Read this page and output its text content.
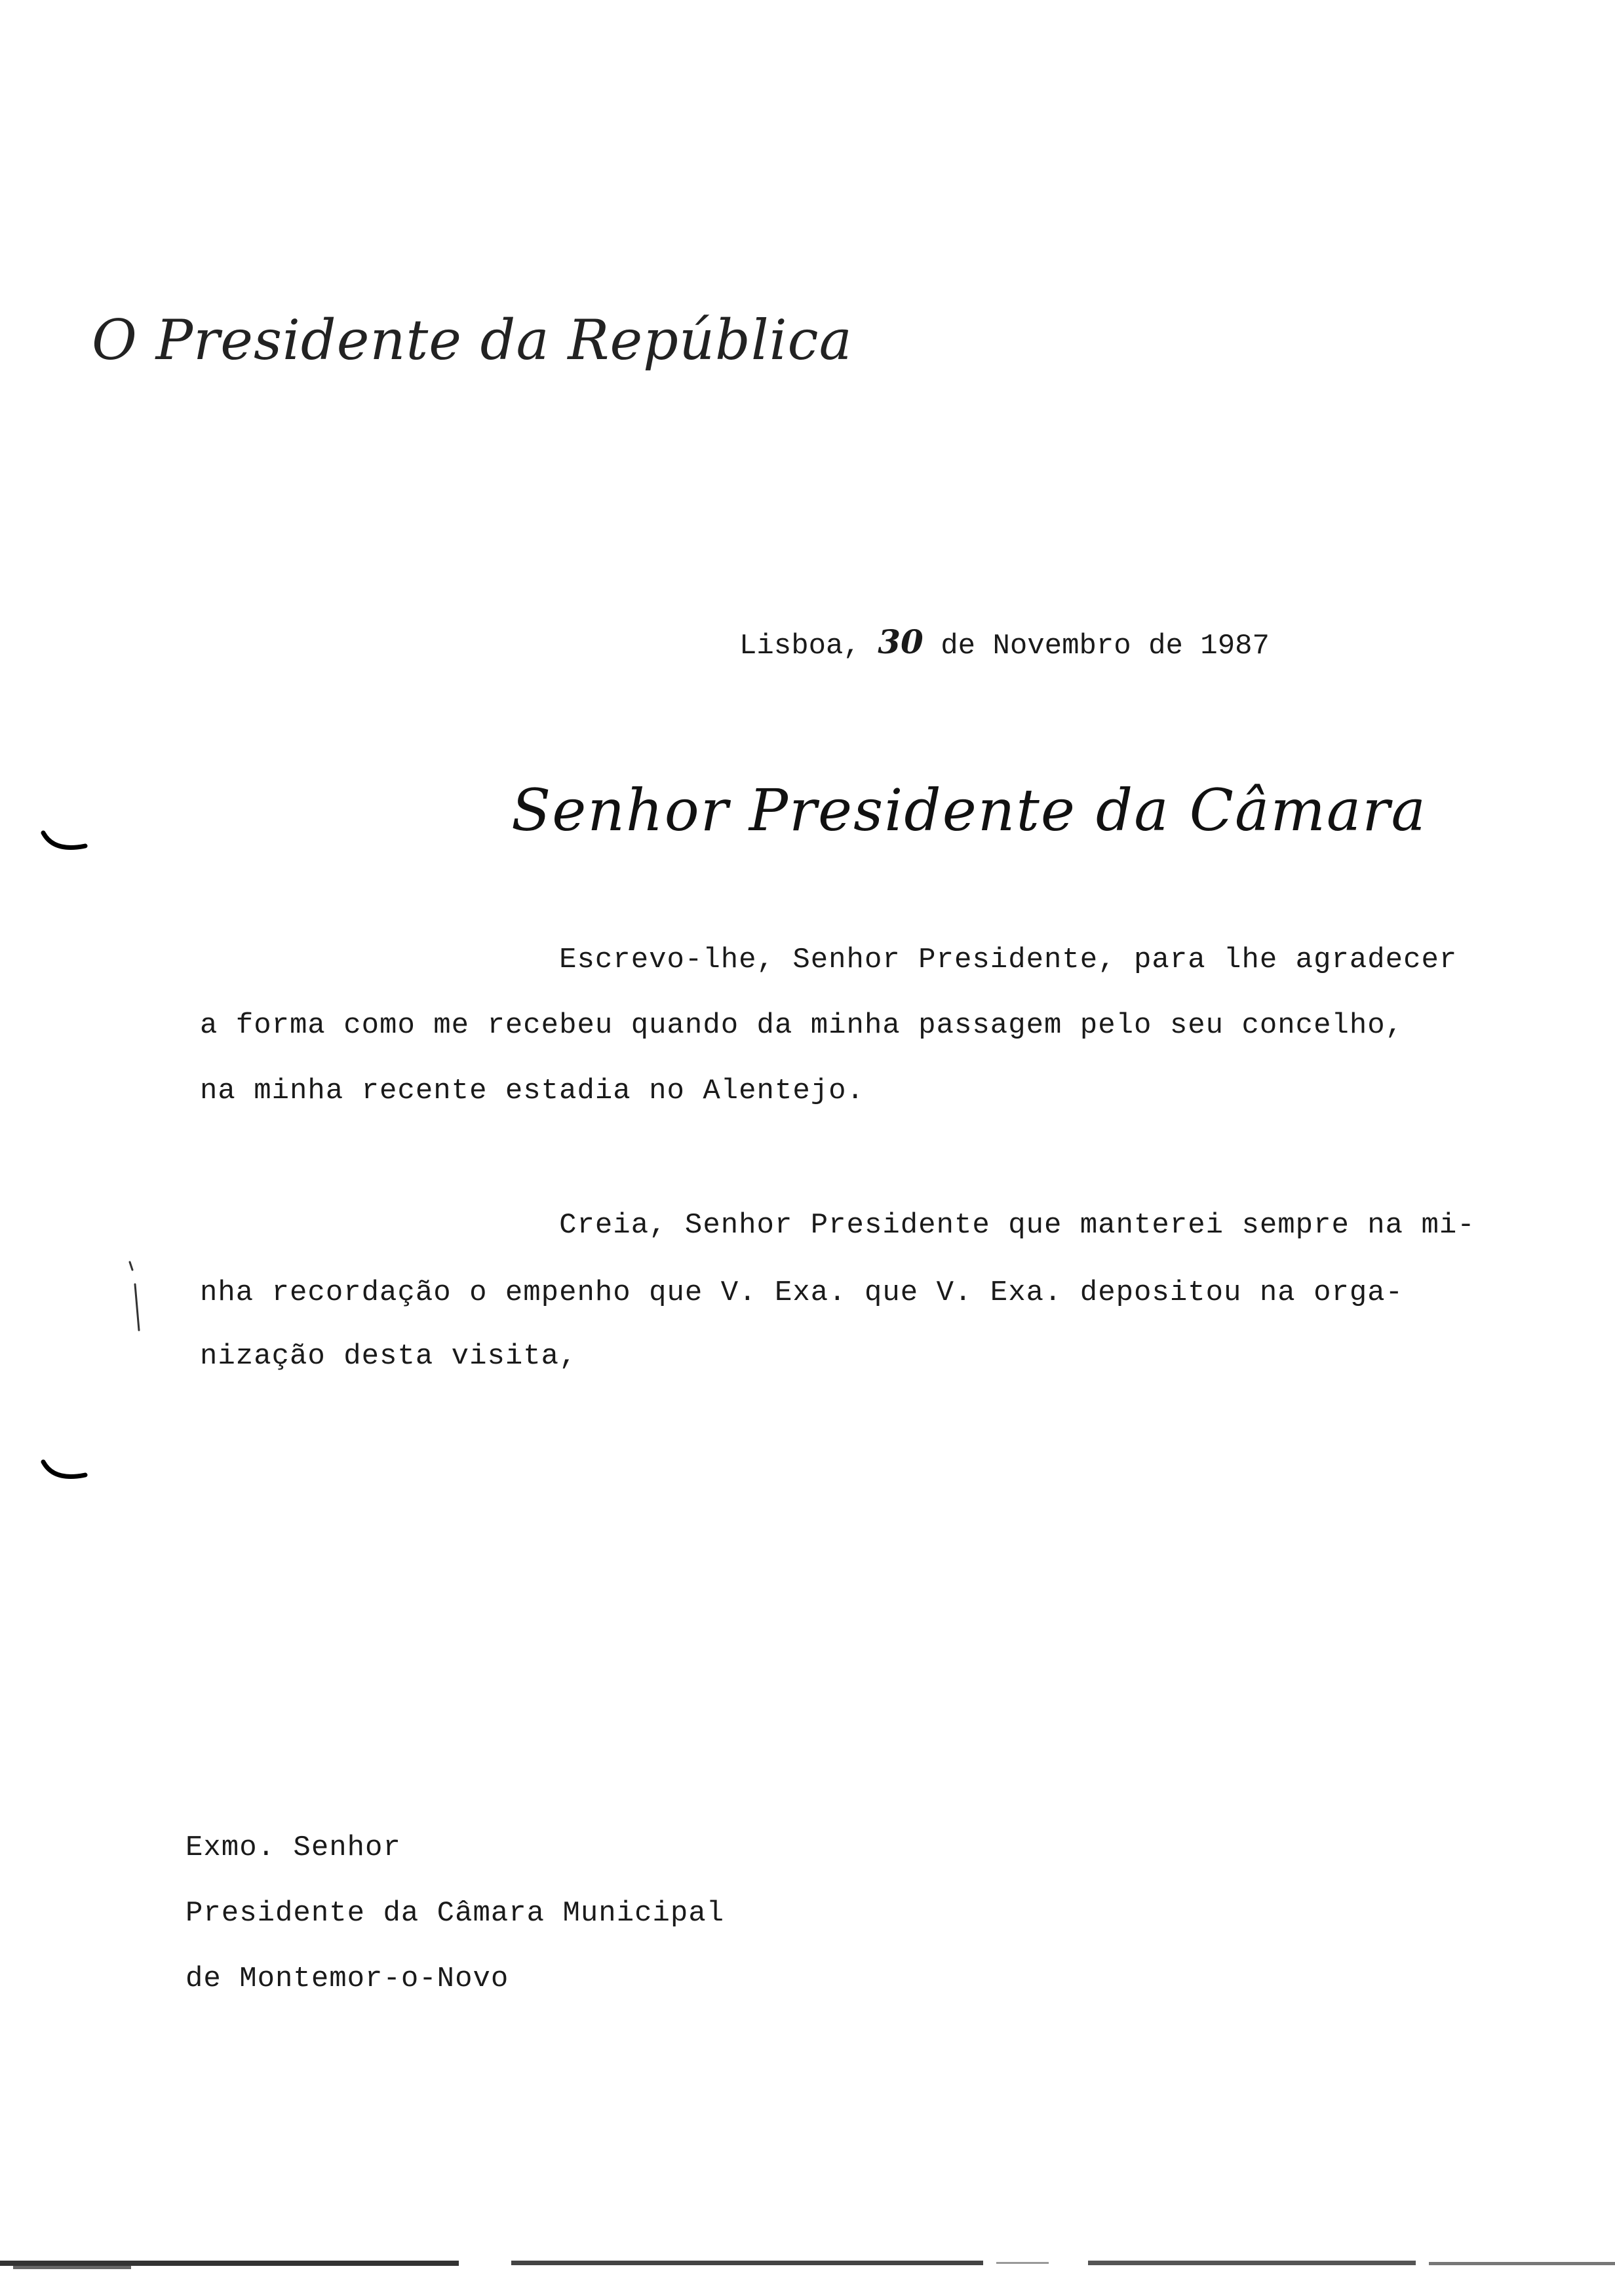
O Presidente da República
Lisboa, 30 de Novembro de 1987
Senhor Presidente da Câmara
Escrevo-lhe, Senhor Presidente, para lhe agradecer
a forma como me recebeu quando da minha passagem pelo seu concelho,
na minha recente estadia no Alentejo.
Creia, Senhor Presidente que manterei sempre na mi-
nha recordação o empenho que V. Exa. que V. Exa. depositou na orga-
nização desta visita,
Exmo. Senhor
Presidente da Câmara Municipal
de Montemor-o-Novo
